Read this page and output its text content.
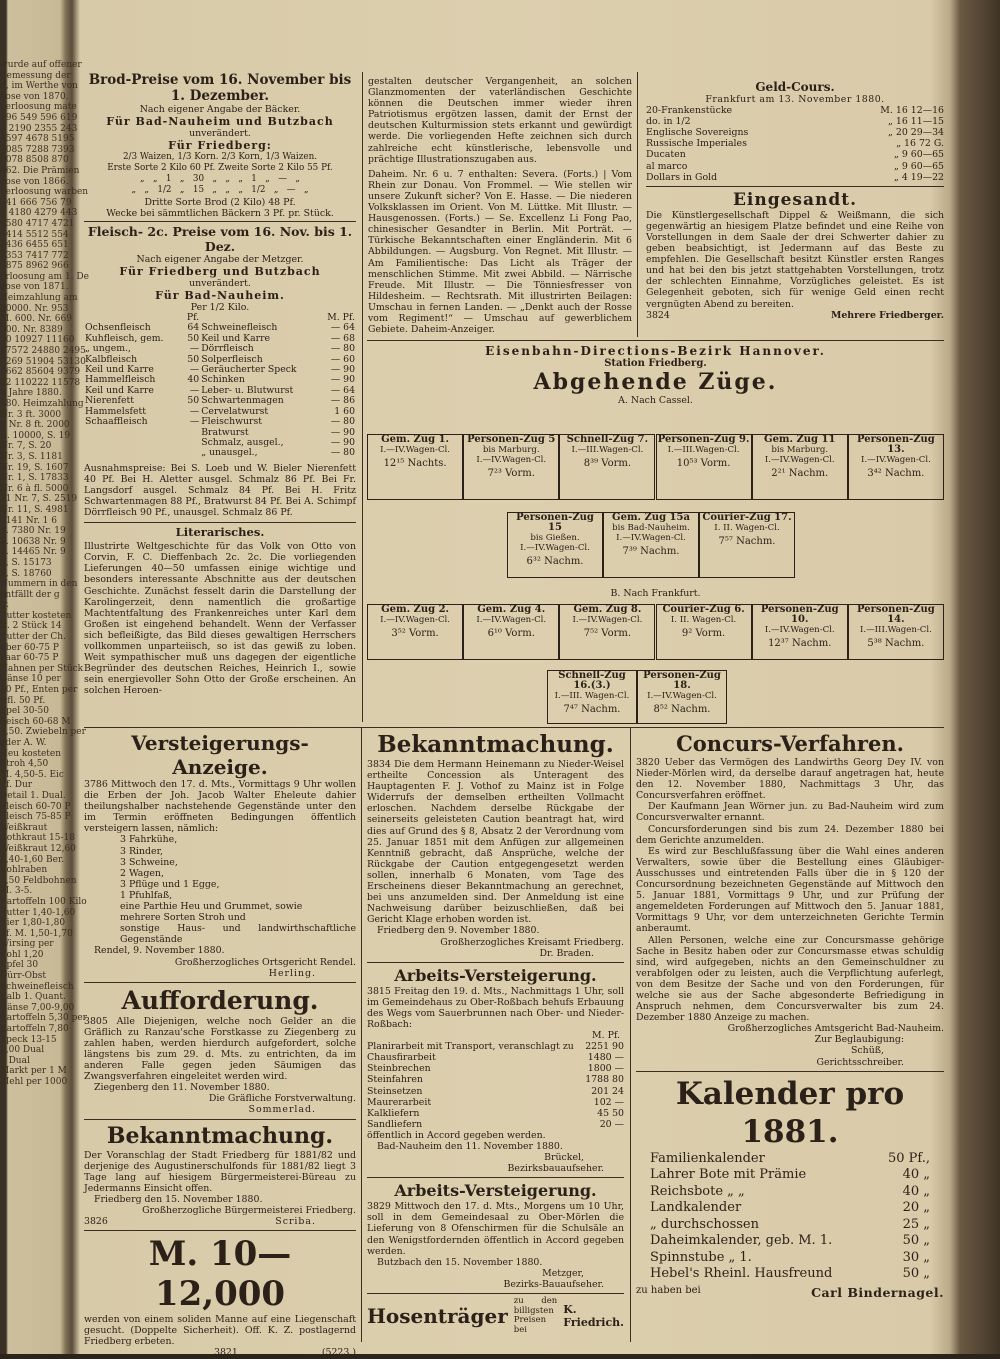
wurde auf offener
Bemessung der
n, im Werthe von
oose von 1870.
Verloosung mate
496 549 596 619
4 2190 2355 243
4597 4678 5195
7085 7288 7393
8078 8508 870
962. Die Prämien
oose von 1866.
Verloosung warben
341 666 756 79
1 4180 4279 443
4580 4717 4721
5414 5512 554
6436 6455 651
7353 7417 772
8875 8962 966
erloosung am 1. De
oose von 1871.
Heimzahlung am
30000. Nr. 953
M. 600. Nr. 669
300. Nr. 8389
30 10927 11160
17572 24880 2495
9269 51904 53130
0662 85604 9379
32 110222 11578
n Jahre 1880.
880. Heimzahlung
Nr. 3 ft. 3000
8 Nr. 8 ft. 2000
ft. 10000, S. 19
Nr. 7, S. 20
Nr. 3, S. 1181
Nr. 19, S. 1607
Nr. 1, S. 17833
Nr. 6 à fl. 5000
71 Nr. 7, S. 2519
Nr. 11, S. 4981
6141 Nr. 1 6
S. 7380 Nr. 19
S. 10638 Nr. 9
S. 14465 Nr. 9
8, S. 15173
9, S. 18760
Nummern in den
entfällt der g
ir.
Butter kosteten
ft. 2 Stück 14
Butter der Ch.
über 60-75 P
Paar 60-75 P
Hahnen per Stück
Gänse 10 per
10 Pf., Enten per
Dfl. 50 Pf.
Spel 30-50
fleisch 60-68 M
4,50. Zwiebeln per
oder A. W.
Heu kosteten
Stroh 4,50
M. 4,50-5. Eic
Pf. Dur
Detail 1. Dual.
Fleisch 60-70 P
Fleisch 75-85 P
Weißkraut
Rothkraut 15-18
Weißkraut 12,60
1,40-1,60 Ber.
Kohlraben
3,50 Feldbohnen
M. 3-5.
Kartoffeln 100 Kilo
Butter 1,40-1,60
Eier 1,80-1,80
Pf. M. 1,50-1,70
Wirsing per
Kohl 1,20
Apfel 30
Dürr-Obst
Schweinefleisch
Kalb 1. Quant.
Gänse 7,00-9,00
Kartoffeln 5,30 per
Kartoffeln 7,80
Speck 13-15
1,00 Dual
1 Dual
Markt per 1 M
Mehl per 1000
Brod-Preise vom 16. November bis 1. Dezember.
Nach eigener Angabe der Bäcker.
Für Bad-Nauheim und Butzbach
unverändert.
Für Friedberg:
2/3 Waizen, 1/3 Korn. 2/3 Korn, 1/3 Waizen.
Erste Sorte 2 Kilo 60 Pf. Zweite Sorte 2 Kilo 55 Pf.
„   „   1   „   30   „   „   „   1   „   —   „
„   „   1/2   „   15   „   „   „   1/2   „   —   „
Dritte Sorte Brod (2 Kilo) 48 Pf.
Wecke bei sämmtlichen Bäckern 3 Pf. pr. Stück.
Fleisch- 2c. Preise vom 16. Nov. bis 1. Dez.
Nach eigener Angabe der Metzger.
Für Friedberg und Butzbach
unverändert.
Für Bad-Nauheim.
Per 1/2 Kilo.
	Pf.		M. Pf.
Ochsenfleisch	64	Schweinefleisch	— 64
Kuhfleisch, gem.	50	Keil und Karre	— 68
„ ungem.,	—	Dörrfleisch	— 80
Kalbfleisch	50	Solperfleisch	— 60
Keil und Karre	—	Geräucherter Speck	— 90
Hammelfleisch	40	Schinken	— 90
Keil und Karre	—	Leber- u. Blutwurst	— 64
Nierenfett	50	Schwartenmagen	— 86
Hammelsfett	—	Cervelatwurst	1 60
Schaaffleisch	—	Fleischwurst	— 80
		Bratwurst	— 90
		Schmalz, ausgel.,	— 90
		„ unausgel.,	— 80
Ausnahmspreise: Bei S. Loeb und W. Bieler Nierenfett 40 Pf. Bei H. Aletter ausgel. Schmalz 86 Pf. Bei Fr. Langsdorf ausgel. Schmalz 84 Pf. Bei H. Fritz Schwartenmagen 88 Pf., Bratwurst 84 Pf. Bei A. Schimpf Dörrfleisch 90 Pf., unausgel. Schmalz 86 Pf.
Literarisches.
Illustrirte Weltgeschichte für das Volk von Otto von Corvin, F. C. Dieffenbach 2c. 2c. Die vorliegenden Lieferungen 40—50 umfassen einige wichtige und besonders interessante Abschnitte aus der deutschen Geschichte. Zunächst fesselt darin die Darstellung der Karolingerzeit, denn namentlich die großartige Machtentfaltung des Frankenreiches unter Karl dem Großen ist eingehend behandelt. Wenn der Verfasser sich befleißigte, das Bild dieses gewaltigen Herrschers vollkommen unparteiisch, so ist das gewiß zu loben. Weit sympathischer muß uns dagegen der eigentliche Begründer des deutschen Reiches, Heinrich I., sowie sein energievoller Sohn Otto der Große erscheinen. An solchen Heroen-
gestalten deutscher Vergangenheit, an solchen Glanzmomenten der vaterländischen Geschichte können die Deutschen immer wieder ihren Patriotismus ergötzen lassen, damit der Ernst der deutschen Kulturmission stets erkannt und gewürdigt werde. Die vorliegenden Hefte zeichnen sich durch zahlreiche echt künstlerische, lebensvolle und prächtige Illustrationszugaben aus.
Daheim. Nr. 6 u. 7 enthalten: Severa. (Forts.) | Vom Rhein zur Donau. Von Frommel. — Wie stellen wir unsere Zukunft sicher? Von E. Hasse. — Die niederen Volksklassen im Orient. Von M. Lüttke. Mit Illustr. — Hausgenossen. (Forts.) — Se. Excellenz Li Fong Pao, chinesischer Gesandter in Berlin. Mit Porträt. — Türkische Bekanntschaften einer Engländerin. Mit 6 Abbildungen. — Augsburg. Von Regnet. Mit Illustr. — Am Familientische: Das Licht als Träger der menschlichen Stimme. Mit zwei Abbild. — Närrische Freude. Mit Illustr. — Die Tönniesfresser von Hildesheim. — Rechtsrath. Mit illustrirten Beilagen: Umschau in fernen Landen. — „Denkt auch der Rosse vom Regiment!“ — Umschau auf gewerblichem Gebiete. Daheim-Anzeiger.
Geld-Cours.
Frankfurt am 13. November 1880.
20-Frankenstücke	M. 16 12—16
do. in 1/2	„ 16 11—15
Englische Sovereigns	„ 20 29—34
Russische Imperiales	„ 16 72 G.
Ducaten	„ 9 60—65
al marco	„ 9 60—65
Dollars in Gold	„ 4 19—22
Eingesandt.
Die Künstlergesellschaft Dippel & Weißmann, die sich gegenwärtig an hiesigem Platze befindet und eine Reihe von Vorstellungen in dem Saale der drei Schwerter dahier zu geben beabsichtigt, ist Jedermann auf das Beste zu empfehlen. Die Gesellschaft besitzt Künstler ersten Ranges und hat bei den bis jetzt stattgehabten Vorstellungen, trotz der schlechten Einnahme, Vorzügliches geleistet. Es ist Gelegenheit geboten, sich für wenige Geld einen recht vergnügten Abend zu bereiten.
3824	Mehrere Friedberger.
Eisenbahn-Directions-Bezirk Hannover.
Station Friedberg.
Abgehende Züge.
A. Nach Cassel.
B. Nach Frankfurt.
Gem. Zug 1.
I.—IV.Wagen-Cl.
12¹⁵ Nachts.
Personen-Zug 5
bis Marburg.
I.—IV.Wagen-Cl.
7²³ Vorm.
Schnell-Zug 7.
I.—III.Wagen-Cl.
8³⁹ Vorm.
Personen-Zug 9.
I.—III.Wagen-Cl.
10⁵³ Vorm.
Gem. Zug 11
bis Marburg.
I.—IV.Wagen-Cl.
2²¹ Nachm.
Personen-Zug 13.
I.—IV.Wagen-Cl.
3⁴² Nachm.
Personen-Zug 15
bis Gießen.
I.—IV.Wagen-Cl.
6³² Nachm.
Gem. Zug 15a
bis Bad-Nauheim.
I.—IV.Wagen-Cl.
7³⁹ Nachm.
Courier-Zug 17.
I. II. Wagen-Cl.
7⁵⁷ Nachm.
Gem. Zug 2.
I.—IV.Wagen-Cl.
3⁵² Vorm.
Gem. Zug 4.
I.—IV.Wagen-Cl.
6¹⁰ Vorm.
Gem. Zug 8.
I.—IV.Wagen-Cl.
7⁵² Vorm.
Courier-Zug 6.
I. II. Wagen-Cl.
9² Vorm.
Personen-Zug 10.
I.—IV.Wagen-Cl.
12³⁷ Nachm.
Personen-Zug 14.
I.—III.Wagen-Cl.
5³⁸ Nachm.
Schnell-Zug 16.(3.)
I.—III. Wagen-Cl.
7⁴⁷ Nachm.
Personen-Zug 18.
I.—IV.Wagen-Cl.
8⁵² Nachm.
Versteigerungs-Anzeige.
3786 Mittwoch den 17. d. Mts., Vormittags 9 Uhr wollen die Erben der Joh. Jacob Walter Eheleute dahier theilungshalber nachstehende Gegenstände unter den im Termin eröffneten Bedingungen öffentlich versteigern lassen, nämlich:
3 Fahrkühe,
3 Rinder,
3 Schweine,
2 Wagen,
3 Pflüge und 1 Egge,
1 Pfuhlfaß,
eine Parthie Heu und Grummet, sowie
mehrere Sorten Stroh und
sonstige Haus- und landwirthschaftliche Gegenstände
Rendel, 9. November 1880.
Großherzogliches Ortsgericht Rendel.
Herling.
Aufforderung.
3805 Alle Diejenigen, welche noch Gelder an die Gräflich zu Ranzau'sche Forstkasse zu Ziegenberg zu zahlen haben, werden hierdurch aufgefordert, solche längstens bis zum 29. d. Mts. zu entrichten, da im anderen Falle gegen jeden Säumigen das Zwangsverfahren eingeleitet werden wird.
Ziegenberg den 11. November 1880.
Die Gräfliche Forstverwaltung.
Sommerlad.
Bekanntmachung.
Der Voranschlag der Stadt Friedberg für 1881/82 und derjenige des Augustinerschulfonds für 1881/82 liegt 3 Tage lang auf hiesigem Bürgermeisterei-Büreau zu Jedermanns Einsicht offen.
Friedberg den 15. November 1880.
Großherzogliche Bürgermeisterei Friedberg.
3826	Scriba.
M. 10—12,000
werden von einem soliden Manne auf eine Liegenschaft gesucht. (Doppelte Sicherheit). Off. K. Z. postlagernd Friedberg erbeten.
3821	(5223.)
Bekanntmachung.
3834 Die dem Hermann Heinemann zu Nieder-Weisel ertheilte Concession als Unteragent des Hauptagenten F. J. Vothof zu Mainz ist in Folge Widerrufs der demselben ertheilten Vollmacht erloschen. Nachdem derselbe Rückgabe der seinerseits geleisteten Caution beantragt hat, wird dies auf Grund des § 8, Absatz 2 der Verordnung vom 25. Januar 1851 mit dem Anfügen zur allgemeinen Kenntniß gebracht, daß Ansprüche, welche der Rückgabe der Caution entgegengesetzt werden sollen, innerhalb 6 Monaten, vom Tage des Erscheinens dieser Bekanntmachung an gerechnet, bei uns anzumelden sind. Der Anmeldung ist eine Nachweisung darüber beizuschließen, daß bei Gericht Klage erhoben worden ist.
Friedberg den 9. November 1880.
Großherzogliches Kreisamt Friedberg.
Dr. Braden.
Arbeits-Versteigerung.
3815 Freitag den 19. d. Mts., Nachmittags 1 Uhr, soll im Gemeindehaus zu Ober-Roßbach behufs Erbauung des Wegs vom Sauerbrunnen nach Ober- und Nieder-Roßbach:
M. Pf.
Planirarbeit mit Transport, veranschlagt zu 2251 90
Chausfirarbeit	1480 —
Steinbrechen	1800 —
Steinfahren	1788 80
Steinsetzen	201 24
Maurerarbeit	102 —
Kalkliefern	45 50
Sandliefern	20 —
öffentlich in Accord gegeben werden.
Bad-Nauheim den 11. November 1880.
Brückel,
Bezirksbauaufseher.
Arbeits-Versteigerung.
3829 Mittwoch den 17. d. Mts., Morgens um 10 Uhr, soll in dem Gemeindesaal zu Ober-Mörlen die Lieferung von 8 Ofenschirmen für die Schulsäle an den Wenigstfordernden öffentlich in Accord gegeben werden.
Butzbach den 15. November 1880.
Metzger,
Bezirks-Bauaufseher.
Hosenträger
zu den billigsten Preisen bei
K. Friedrich.
Concurs-Verfahren.
3820 Ueber das Vermögen des Landwirths Georg Dey IV. von Nieder-Mörlen wird, da derselbe darauf angetragen hat, heute den 12. November 1880, Nachmittags 3 Uhr, das Concursverfahren eröffnet.
Der Kaufmann Jean Wörner jun. zu Bad-Nauheim wird zum Concursverwalter ernannt.
Concursforderungen sind bis zum 24. Dezember 1880 bei dem Gerichte anzumelden.
Es wird zur Beschlußfassung über die Wahl eines anderen Verwalters, sowie über die Bestellung eines Gläubiger-Ausschusses und eintretenden Falls über die in § 120 der Concursordnung bezeichneten Gegenstände auf Mittwoch den 5. Januar 1881, Vormittags 9 Uhr, und zur Prüfung der angemeldeten Forderungen auf Mittwoch den 5. Januar 1881, Vormittags 9 Uhr, vor dem unterzeichneten Gerichte Termin anberaumt.
Allen Personen, welche eine zur Concursmasse gehörige Sache in Besitz haben oder zur Concursmasse etwas schuldig sind, wird aufgegeben, nichts an den Gemeinschuldner zu verabfolgen oder zu leisten, auch die Verpflichtung auferlegt, von dem Besitze der Sache und von den Forderungen, für welche sie aus der Sache abgesonderte Befriedigung in Anspruch nehmen, dem Concursverwalter bis zum 24. Dezember 1880 Anzeige zu machen.
Großherzogliches Amtsgericht Bad-Nauheim.
Zur Beglaubigung:
Schüß,
Gerichtsschreiber.
Kalender pro 1881.
Familienkalender	50 Pf.,
Lahrer Bote mit Prämie	40 „
Reichsbote „ „	40 „
Landkalender	20 „
„ durchschossen	25 „
Daheimkalender, geb. M. 1.	50 „
Spinnstube „ 1.	30 „
Hebel's Rheinl. Hausfreund	50 „
zu haben bei	Carl Bindernagel.
